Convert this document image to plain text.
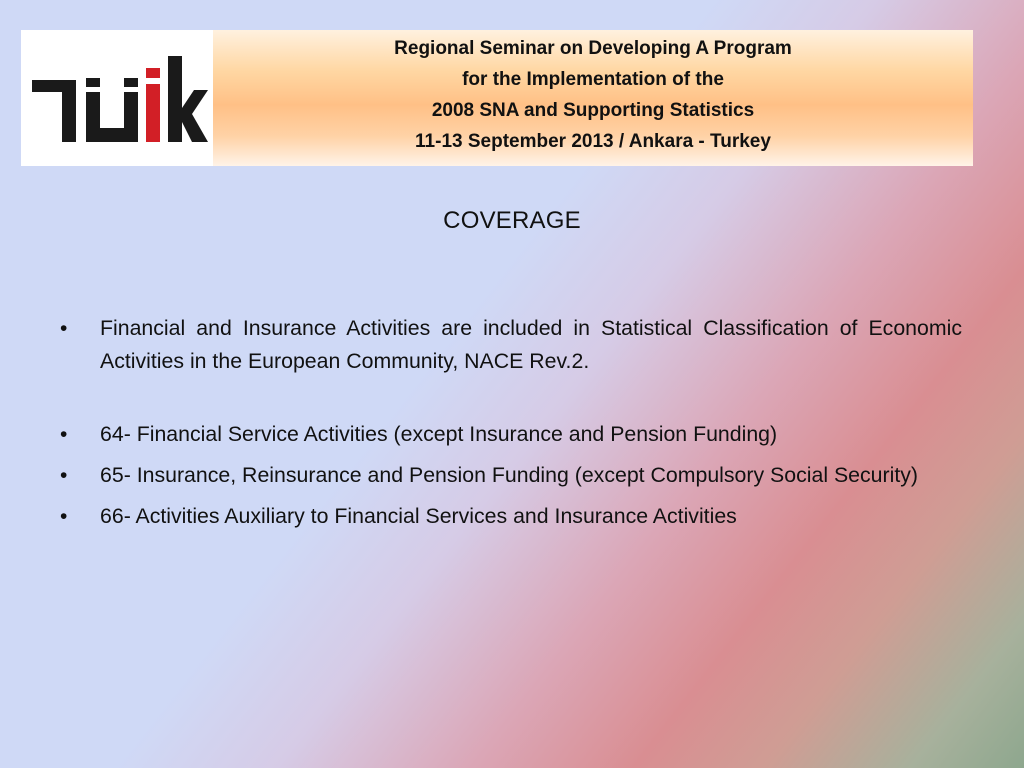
Regional Seminar on Developing A Program
for the Implementation of the
2008 SNA and Supporting Statistics
11-13 September 2013 / Ankara - Turkey
COVERAGE
• Financial and Insurance Activities are included in Statistical Classification of Economic Activities in the European Community, NACE Rev.2.
• 64- Financial Service Activities (except Insurance and Pension Funding)
• 65- Insurance, Reinsurance and Pension Funding (except Compulsory Social Security)
• 66- Activities Auxiliary to Financial Services and Insurance Activities
